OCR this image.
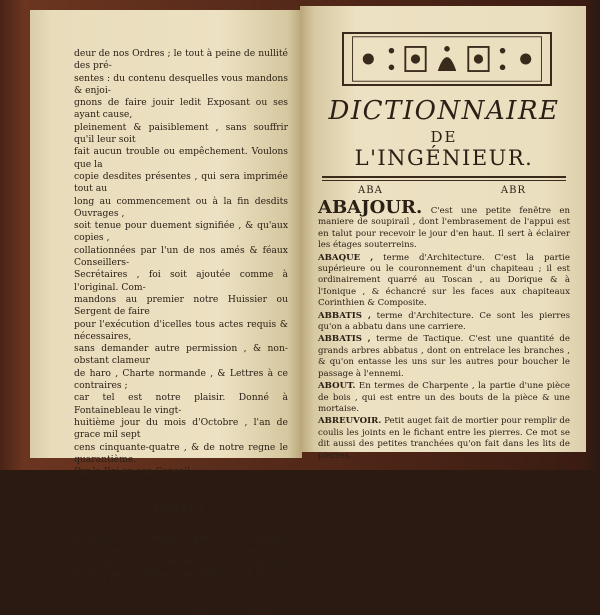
deur de nos Ordres ; le tout à peine de nullité des pré-

sentes : du contenu desquelles vous mandons & enjoi-

gnons de faire jouir ledit Exposant ou ses ayant cause,

pleinement & paisiblement , sans souffrir qu'il leur soit

fait aucun trouble ou empêchement. Voulons que la

copie desdites présentes , qui sera imprimée tout au

long au commencement ou à la fin desdits Ouvrages ,

soit tenue pour duement signifiée , & qu'aux copies ,

collationnées par l'un de nos amés & féaux Conseillers-

Secrétaires , foi soit ajoutée comme à l'original. Com-

mandons au premier notre Huissier ou Sergent de faire

pour l'exécution d'icelles tous actes requis & nécessaires,

sans demander autre permission , & non-obstant clameur

de haro , Charte normande , & Lettres à ce contraires ;

car tel est notre plaisir. Donné à Fontainebleau le vingt-

huitième jour du mois d'Octobre , l'an de grace mil sept

cens cinquante-quatre , & de notre regne le quarantième.

Par le Roi en son Conseil.

PERRIN.
Registré sur le Registre XIII. de la Chambre Royale des Libraires & Imprimeurs de Paris , N°. 429. fol. 374. conformément aux anciens Réglemens , confirmés par l'Edit du 28 Février 1723. A Paris le 5 Novembre 1754.
DIDOT , Syndic.
DICTIONNAIRE
DE
L'INGÉNIEUR.
ABA	ABR

ABAJOUR. C'est une petite fenêtre en maniere de soupirail , dont l'embrasement de l'appui est en talut pour recevoir le jour d'en haut. Il sert à éclairer les étages souterreins.

ABAQUE , terme d'Architecture. C'est la partie supérieure ou le couronnement d'un chapiteau ; il est ordinairement quarré au Toscan , au Dorique & à l'Ionique , & échancré sur les faces aux chapiteaux Corinthien & Composite.

ABBATIS , terme d'Architecture. Ce sont les pierres qu'on a abbatu dans une carriere.

ABBATIS , terme de Tactique. C'est une quantité de grands arbres abbatus , dont on entrelace les branches , & qu'on entasse les uns sur les autres pour boucher le passage à l'ennemi.

ABOUT. En termes de Charpente , la partie d'une pièce de bois , qui est entre un des bouts de la pièce & une mortaise.

ABREUVOIR. Petit auget fait de mortier pour remplir de coulis les joints en le fichant entre les pierres. Ce mot se dit aussi des petites tranchées qu'on fait dans les lits de pierres.

A
